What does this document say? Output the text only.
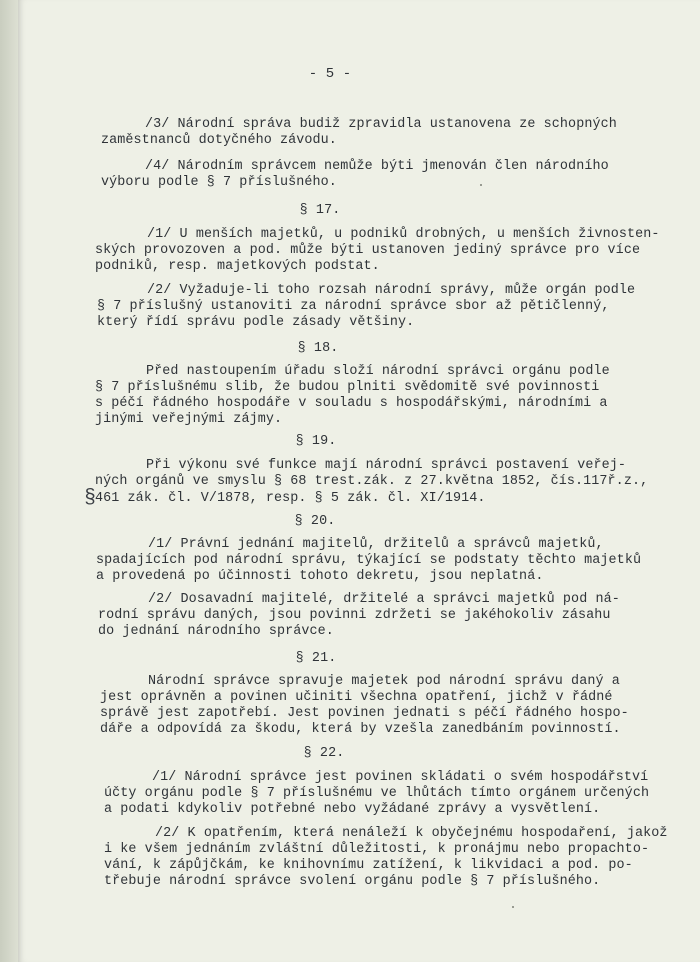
- 5 -
/3/ Národní správa budiž zpravidla ustanovena ze schopných
zaměstnanců dotyčného závodu.
/4/ Národním správcem nemůže býti jmenován člen národního
výboru podle § 7 příslušného.
§ 17.
/1/ U menších majetků, u podniků drobných, u menších živnosten-
ských provozoven a pod. může býti ustanoven jediný správce pro více
podniků, resp. majetkových podstat.
/2/ Vyžaduje-li toho rozsah národní správy, může orgán podle
§ 7 příslušný ustanoviti za národní správce sbor až pětičlenný,
který řídí správu podle zásady většiny.
§ 18.
Před nastoupením úřadu složí národní správci orgánu podle
§ 7 příslušnému slib, že budou plniti svědomitě své povinnosti
s péčí řádného hospodáře v souladu s hospodářskými, národními a
jinými veřejnými zájmy.
§ 19.
Při výkonu své funkce mají národní správci postavení veřej-
ných orgánů ve smyslu § 68 trest.zák. z 27.května 1852, čís.117ř.z.,
§
461 zák. čl. V/1878, resp. § 5 zák. čl. XI/1914.
§ 20.
/1/ Právní jednání majitelů, držitelů a správců majetků,
spadajících pod národní správu, týkající se podstaty těchto majetků
a provedená po účinnosti tohoto dekretu, jsou neplatná.
/2/ Dosavadní majitelé, držitelé a správci majetků pod ná-
rodní správu daných, jsou povinni zdržeti se jakéhokoliv zásahu
do jednání národního správce.
§ 21.
Národní správce spravuje majetek pod národní správu daný a
jest oprávněn a povinen učiniti všechna opatření, jichž v řádné
správě jest zapotřebí. Jest povinen jednati s péčí řádného hospo-
dáře a odpovídá za škodu, která by vzešla zanedbáním povinností.
§ 22.
/1/ Národní správce jest povinen skládati o svém hospodářství
účty orgánu podle § 7 příslušnému ve lhůtách tímto orgánem určených
a podati kdykoliv potřebné nebo vyžádané zprávy a vysvětlení.
/2/ K opatřením, která nenáleží k obyčejnému hospodaření, jakož
i ke všem jednáním zvláštní důležitosti, k pronájmu nebo propachto-
vání, k zápůjčkám, ke knihovnímu zatížení, k likvidaci a pod. po-
třebuje národní správce svolení orgánu podle § 7 příslušného.
